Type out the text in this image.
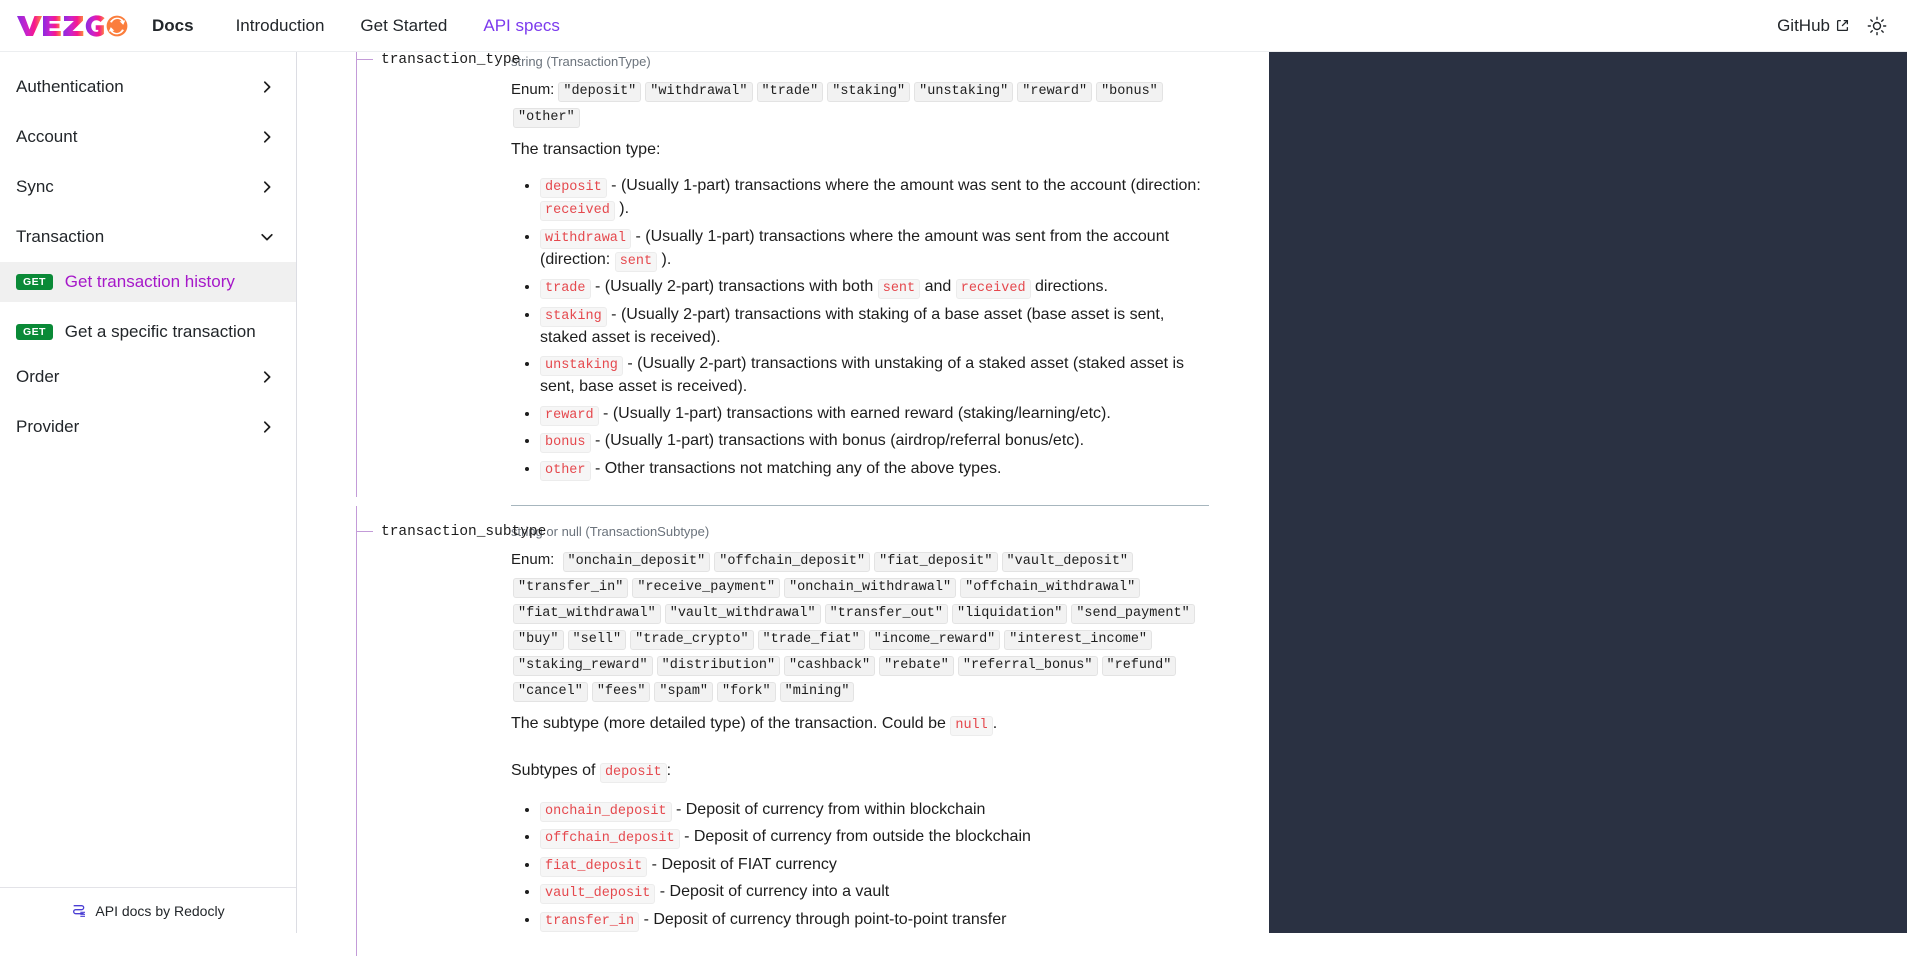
Docs	Introduction	Get Started	API specs	GitHub
Authentication
Account
Sync
Transaction
GET	Get transaction history
GET	Get a specific transaction
Order
Provider
API docs by Redocly
transaction_type
string (TransactionType)
Enum: "deposit" "withdrawal" "trade" "staking" "unstaking" "reward" "bonus""other"
The transaction type:
• deposit - (Usually 1-part) transactions where the amount was sent to the account (direction: received ).
• withdrawal - (Usually 1-part) transactions where the amount was sent from the account (direction: sent ).
• trade - (Usually 2-part) transactions with both sent and received directions.
• staking - (Usually 2-part) transactions with staking of a base asset (base asset is sent, staked asset is received).
• unstaking - (Usually 2-part) transactions with unstaking of a staked asset (staked asset is sent, base asset is received).
• reward - (Usually 1-part) transactions with earned reward (staking/learning/etc).
• bonus - (Usually 1-part) transactions with bonus (airdrop/referral bonus/etc).
• other - Other transactions not matching any of the above types.
transaction_subtype
string or null (TransactionSubtype)
Enum: "onchain_deposit" "offchain_deposit" "fiat_deposit" "vault_deposit""transfer_in" "receive_payment" "onchain_withdrawal" "offchain_withdrawal""fiat_withdrawal" "vault_withdrawal" "transfer_out" "liquidation" "send_payment""buy" "sell" "trade_crypto" "trade_fiat" "income_reward" "interest_income""staking_reward" "distribution" "cashback" "rebate" "referral_bonus" "refund""cancel" "fees" "spam" "fork" "mining"
The subtype (more detailed type) of the transaction. Could be null .
Subtypes of deposit :
• onchain_deposit - Deposit of currency from within blockchain
• offchain_deposit - Deposit of currency from outside the blockchain
• fiat_deposit - Deposit of FIAT currency
• vault_deposit - Deposit of currency into a vault
• transfer_in - Deposit of currency through point-to-point transfer
